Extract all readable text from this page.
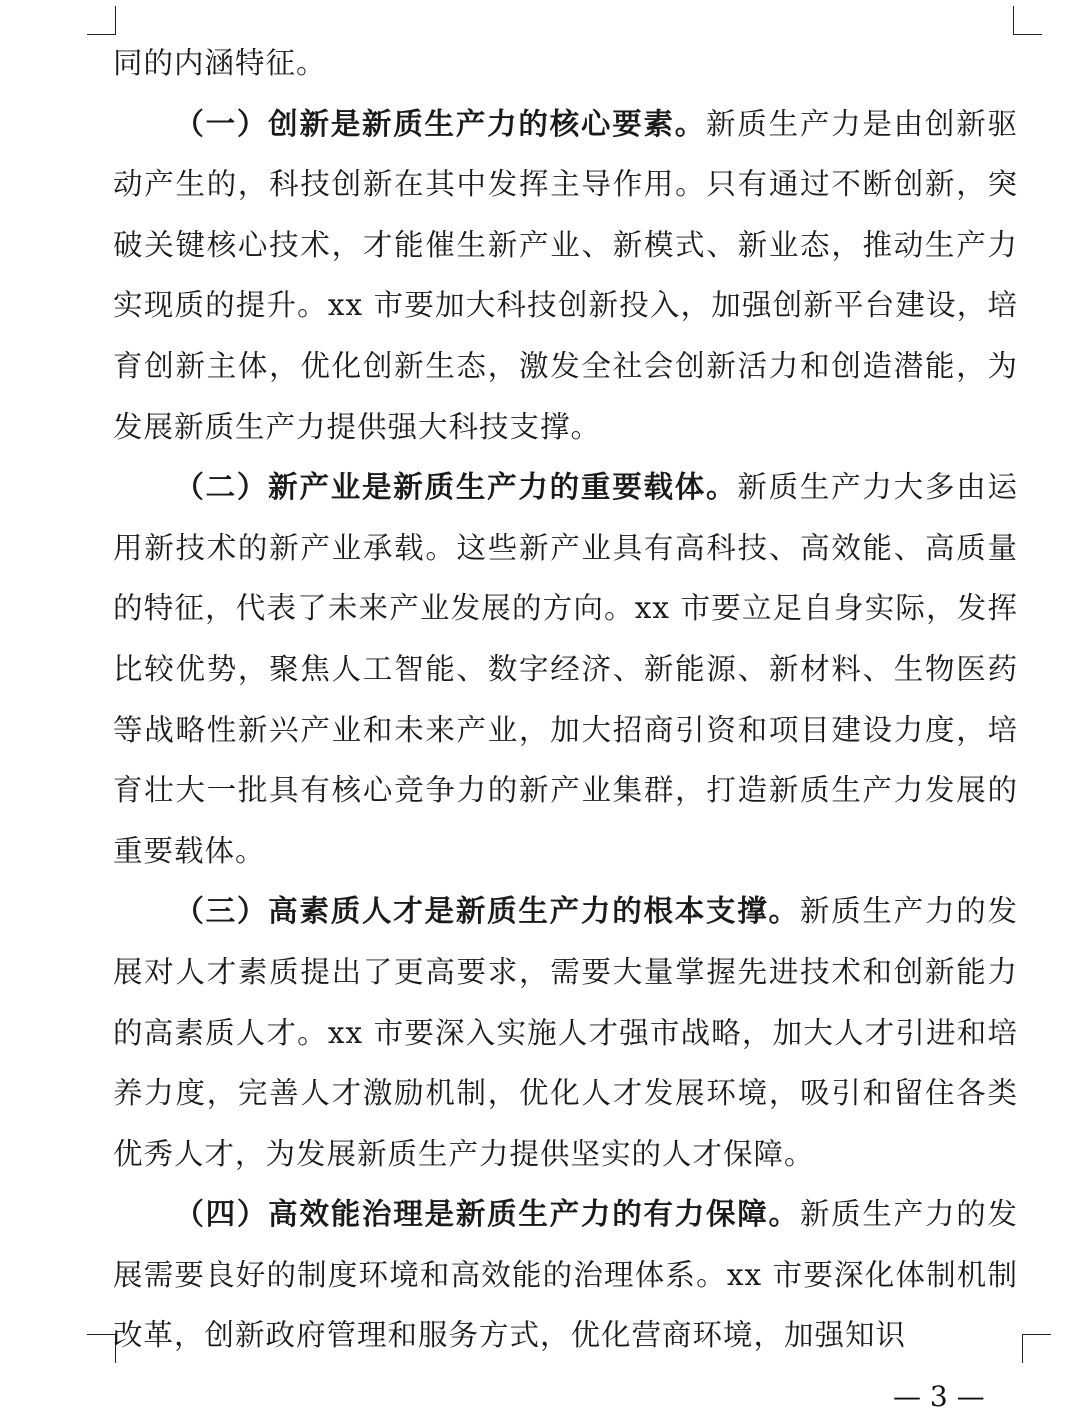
同的内涵特征。

（一）创新是新质生产力的核心要素。新质生产力是由创新驱动产生的，科技创新在其中发挥主导作用。只有通过不断创新，突破关键核心技术，才能催生新产业、新模式、新业态，推动生产力实现质的提升。xx 市要加大科技创新投入，加强创新平台建设，培育创新主体，优化创新生态，激发全社会创新活力和创造潜能，为发展新质生产力提供强大科技支撑。

（二）新产业是新质生产力的重要载体。新质生产力大多由运用新技术的新产业承载。这些新产业具有高科技、高效能、高质量的特征，代表了未来产业发展的方向。xx 市要立足自身实际，发挥比较优势，聚焦人工智能、数字经济、新能源、新材料、生物医药等战略性新兴产业和未来产业，加大招商引资和项目建设力度，培育壮大一批具有核心竞争力的新产业集群，打造新质生产力发展的重要载体。

（三）高素质人才是新质生产力的根本支撑。新质生产力的发展对人才素质提出了更高要求，需要大量掌握先进技术和创新能力的高素质人才。xx 市要深入实施人才强市战略，加大人才引进和培养力度，完善人才激励机制，优化人才发展环境，吸引和留住各类优秀人才，为发展新质生产力提供坚实的人才保障。

（四）高效能治理是新质生产力的有力保障。新质生产力的发展需要良好的制度环境和高效能的治理体系。xx 市要深化体制机制改革，创新政府管理和服务方式，优化营商环境，加强知识

— 3 —
